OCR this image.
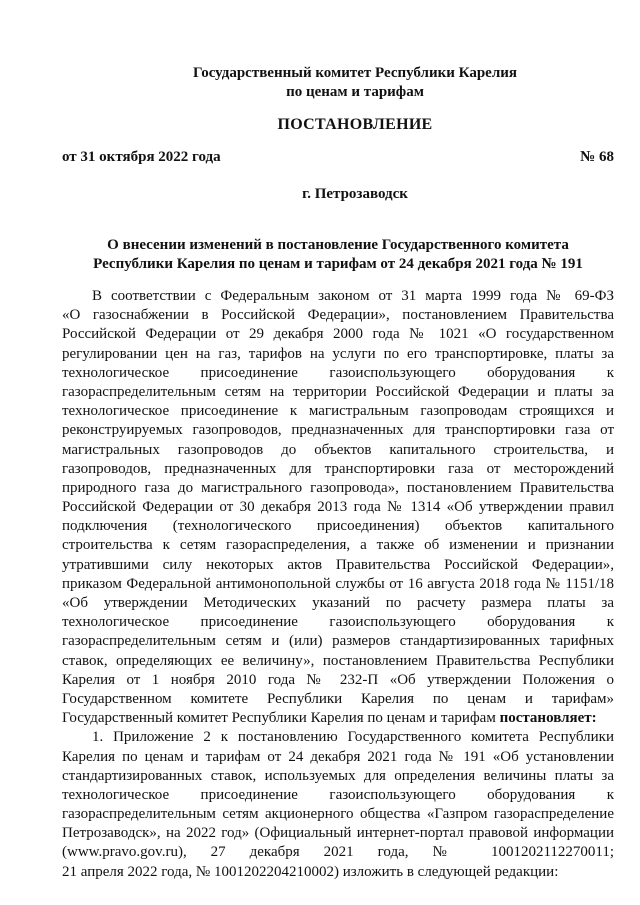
Государственный комитет Республики Карелия
по ценам и тарифам
ПОСТАНОВЛЕНИЕ
от 31 октября 2022 года	№ 68
г. Петрозаводск
О внесении изменений в постановление Государственного комитета
Республики Карелия по ценам и тарифам от 24 декабря 2021 года № 191
В соответствии с Федеральным законом от 31 марта 1999 года № 69-ФЗ
«О газоснабжении в Российской Федерации», постановлением Правительства
Российской Федерации от 29 декабря 2000 года № 1021 «О государственном
регулировании цен на газ, тарифов на услуги по его транспортировке, платы за
технологическое присоединение газоиспользующего оборудования к
газораспределительным сетям на территории Российской Федерации и платы за
технологическое присоединение к магистральным газопроводам строящихся и
реконструируемых газопроводов, предназначенных для транспортировки газа от
магистральных газопроводов до объектов капитального строительства, и
газопроводов, предназначенных для транспортировки газа от месторождений
природного газа до магистрального газопровода», постановлением Правительства
Российской Федерации от 30 декабря 2013 года № 1314 «Об утверждении правил
подключения (технологического присоединения) объектов капитального
строительства к сетям газораспределения, а также об изменении и признании
утратившими силу некоторых актов Правительства Российской Федерации»,
приказом Федеральной антимонопольной службы от 16 августа 2018 года № 1151/18
«Об утверждении Методических указаний по расчету размера платы за
технологическое присоединение газоиспользующего оборудования к
газораспределительным сетям и (или) размеров стандартизированных тарифных
ставок, определяющих ее величину», постановлением Правительства Республики
Карелия от 1 ноября 2010 года № 232-П «Об утверждении Положения о
Государственном комитете Республики Карелия по ценам и тарифам»
Государственный комитет Республики Карелия по ценам и тарифам постановляет:
1. Приложение 2 к постановлению Государственного комитета Республики
Карелия по ценам и тарифам от 24 декабря 2021 года № 191 «Об установлении
стандартизированных ставок, используемых для определения величины платы за
технологическое присоединение газоиспользующего оборудования к
газораспределительным сетям акционерного общества «Газпром газораспределение
Петрозаводск», на 2022 год» (Официальный интернет-портал правовой информации
(www.pravo.gov.ru), 27 декабря 2021 года, № 1001202112270011;
21 апреля 2022 года, № 1001202204210002) изложить в следующей редакции:
